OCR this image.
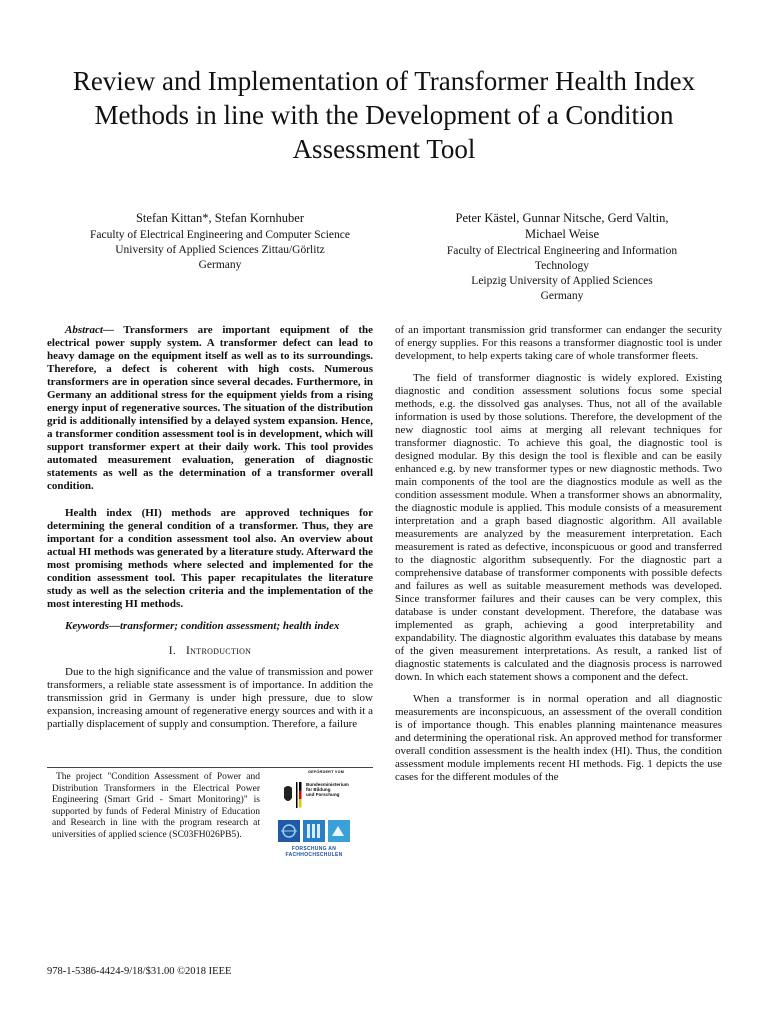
Review and Implementation of Transformer Health Index Methods in line with the Development of a Condition Assessment Tool
Stefan Kittan*, Stefan Kornhuber
Faculty of Electrical Engineering and Computer Science
University of Applied Sciences Zittau/Görlitz
Germany
Peter Kästel, Gunnar Nitsche, Gerd Valtin,
Michael Weise
Faculty of Electrical Engineering and Information
Technology
Leipzig University of Applied Sciences
Germany

Abstract— Transformers are important equipment of the electrical power supply system. A transformer defect can lead to heavy damage on the equipment itself as well as to its surroundings. Therefore, a defect is coherent with high costs. Numerous transformers are in operation since several decades. Furthermore, in Germany an additional stress for the equipment yields from a rising energy input of regenerative sources. The situation of the distribution grid is additionally intensified by a delayed system expansion. Hence, a transformer condition assessment tool is in development, which will support transformer expert at their daily work. This tool provides automated measurement evaluation, generation of diagnostic statements as well as the determination of a transformer overall condition.

Health index (HI) methods are approved techniques for determining the general condition of a transformer. Thus, they are important for a condition assessment tool also. An overview about actual HI methods was generated by a literature study. Afterward the most promising methods where selected and implemented for the condition assessment tool. This paper recapitulates the literature study as well as the selection criteria and the implementation of the most interesting HI methods.

Keywords—transformer; condition assessment; health index

I. Introduction

Due to the high significance and the value of transmission and power transformers, a reliable state assessment is of importance. In addition the transmission grid in Germany is under high pressure, due to slow expansion, increasing amount of regenerative energy sources and with it a partially displacement of supply and consumption. Therefore, a failure

of an important transmission grid transformer can endanger the security of energy supplies. For this reasons a transformer diagnostic tool is under development, to help experts taking care of whole transformer fleets.

The field of transformer diagnostic is widely explored. Existing diagnostic and condition assessment solutions focus some special methods, e.g. the dissolved gas analyses. Thus, not all of the available information is used by those solutions. Therefore, the development of the new diagnostic tool aims at merging all relevant techniques for transformer diagnostic. To achieve this goal, the diagnostic tool is designed modular. By this design the tool is flexible and can be easily enhanced e.g. by new transformer types or new diagnostic methods. Two main components of the tool are the diagnostics module as well as the condition assessment module. When a transformer shows an abnormality, the diagnostic module is applied. This module consists of a measurement interpretation and a graph based diagnostic algorithm. All available measurements are analyzed by the measurement interpretation. Each measurement is rated as defective, inconspicuous or good and transferred to the diagnostic algorithm subsequently. For the diagnostic part a comprehensive database of transformer components with possible defects and failures as well as suitable measurement methods was developed. Since transformer failures and their causes can be very complex, this database is under constant development. Therefore, the database was implemented as graph, achieving a good interpretability and expandability. The diagnostic algorithm evaluates this database by means of the given measurement interpretations. As result, a ranked list of diagnostic statements is calculated and the diagnosis process is narrowed down. In which each statement shows a component and the defect.

When a transformer is in normal operation and all diagnostic measurements are inconspicuous, an assessment of the overall condition is of importance though. This enables planning maintenance measures and determining the operational risk. An approved method for transformer overall condition assessment is the health index (HI). Thus, the condition assessment module implements recent HI methods. Fig. 1 depicts the use cases for the different modules of the

The project "Condition Assessment of Power and Distribution Transformers in the Electrical Power Engineering (Smart Grid - Smart Monitoring)" is supported by funds of Federal Ministry of Education and Research in line with the program research at universities of applied science (SC03FH026PB5).

GEFÖRDERT VOM
Bundesministerium
für Bildung
und Forschung
FORSCHUNG AN
FACHHOCHSCHULEN
978-1-5386-4424-9/18/$31.00 ©2018 IEEE
